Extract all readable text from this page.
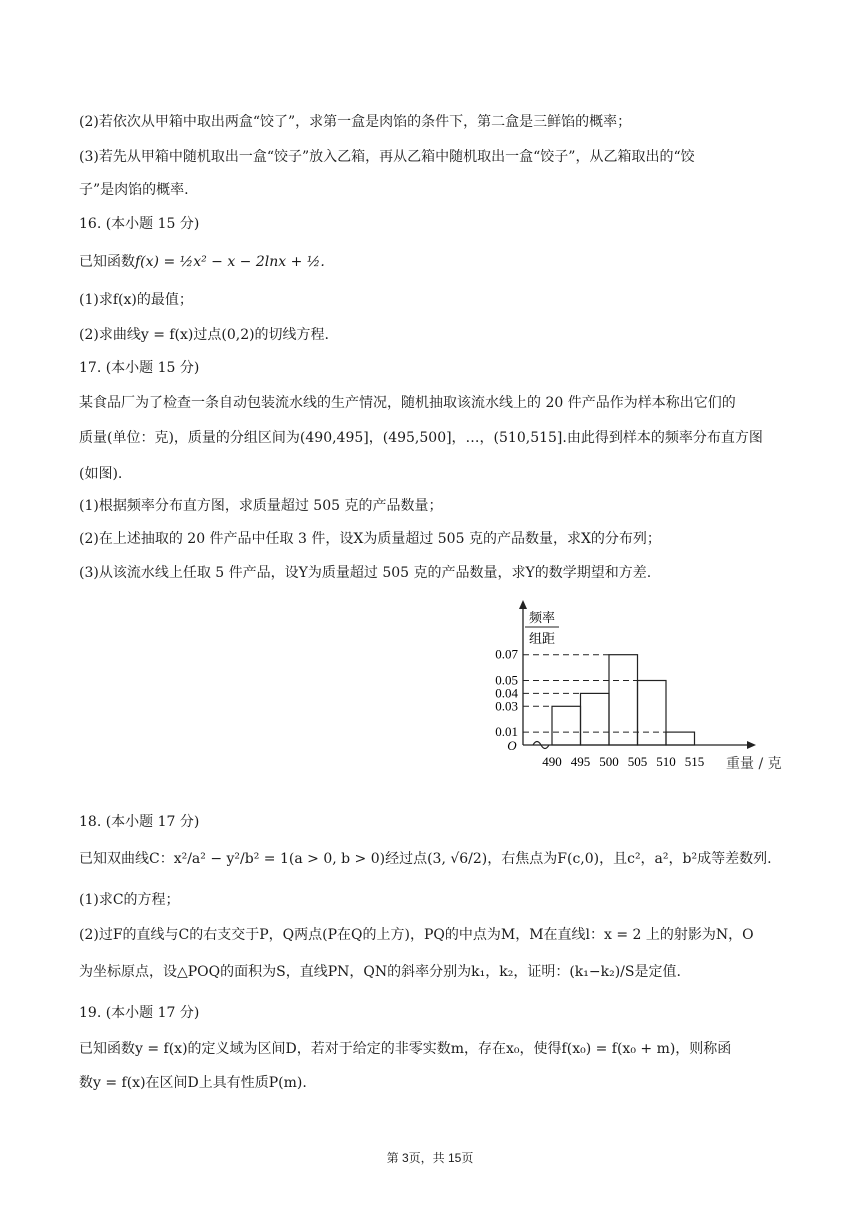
(2)若依次从甲箱中取出两盒“饺了”，求第一盒是肉馅的条件下，第二盒是三鲜馅的概率；
(3)若先从甲箱中随机取出一盒“饺子”放入乙箱，再从乙箱中随机取出一盒“饺子”，从乙箱取出的“饺
子”是肉馅的概率.
16. (本小题 15 分)
已知函数f(x) = ½x² − x − 2lnx + ½.
(1)求f(x)的最值；
(2)求曲线y = f(x)过点(0,2)的切线方程.
17. (本小题 15 分)
某食品厂为了检查一条自动包装流水线的生产情况，随机抽取该流水线上的 20 件产品作为样本称出它们的
质量(单位：克)，质量的分组区间为(490,495]，(495,500]，…，(510,515].由此得到样本的频率分布直方图
(如图).
(1)根据频率分布直方图，求质量超过 505 克的产品数量；
(2)在上述抽取的 20 件产品中任取 3 件，设X为质量超过 505 克的产品数量，求X的分布列；
(3)从该流水线上任取 5 件产品，设Y为质量超过 505 克的产品数量，求Y的数学期望和方差.
O
频率
组距
0.01
0.03
0.04
0.05
0.07
490 495 500 505 510 515 重量 / 克
18. (本小题 17 分)
已知双曲线C：x²/a² − y²/b² = 1(a > 0, b > 0)经过点(3, √6/2)，右焦点为F(c,0)，且c²，a²，b²成等差数列.
(1)求C的方程；
(2)过F的直线与C的右支交于P，Q两点(P在Q的上方)，PQ的中点为M，M在直线l：x = 2 上的射影为N，O
为坐标原点，设△POQ的面积为S，直线PN，QN的斜率分别为k₁，k₂，证明：(k₁−k₂)/S是定值.
19. (本小题 17 分)
已知函数y = f(x)的定义域为区间D，若对于给定的非零实数m，存在x₀，使得f(x₀) = f(x₀ + m)，则称函
数y = f(x)在区间D上具有性质P(m).
第 3页，共 15页
